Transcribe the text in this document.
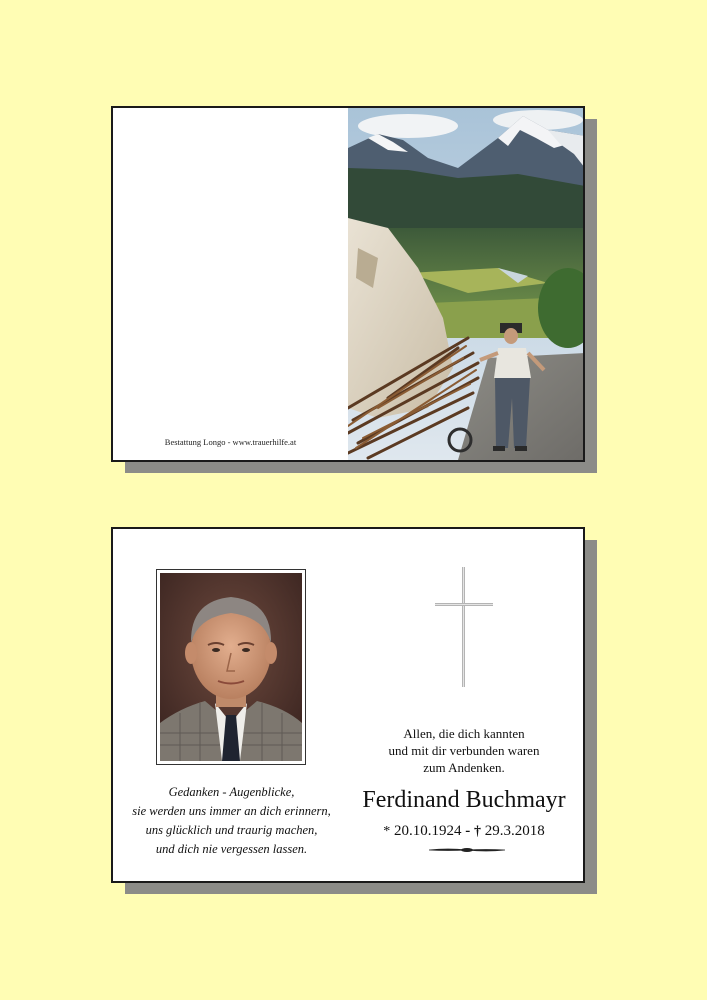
Bestattung Longo - www.trauerhilfe.at
Gedanken - Augenblicke,
sie werden uns immer an dich erinnern,
uns glücklich und traurig machen,
und dich nie vergessen lassen.
Allen, die dich kannten
und mit dir verbunden waren
zum Andenken.
Ferdinand Buchmayr
* 20.10.1924 - † 29.3.2018
